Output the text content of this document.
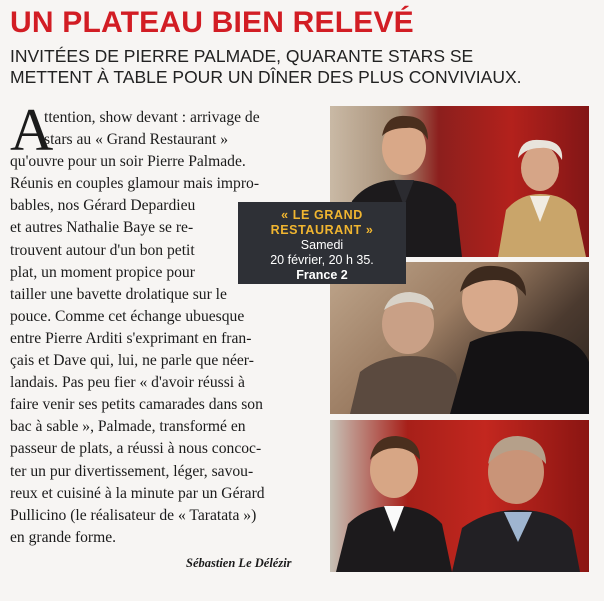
UN PLATEAU BIEN RELEVÉ
INVITÉES DE PIERRE PALMADE, QUARANTE STARS SE
METTENT À TABLE POUR UN DÎNER DES PLUS CONVIVIAUX.
A
ttention, show devant : arrivage de
stars au « Grand Restaurant »
qu'ouvre pour un soir Pierre Palmade.
Réunis en couples glamour mais impro-
bables, nos Gérard Depardieu
et autres Nathalie Baye se re-
trouvent autour d'un bon petit
plat, un moment propice pour
tailler une bavette drolatique sur le
pouce. Comme cet échange ubuesque
entre Pierre Arditi s'exprimant en fran-
çais et Dave qui, lui, ne parle que néer-
landais. Pas peu fier « d'avoir réussi à
faire venir ses petits camarades dans son
bac à sable », Palmade, transformé en
passeur de plats, a réussi à nous concoc-
ter un pur divertissement, léger, savou-
reux et cuisiné à la minute par un Gérard
Pullicino (le réalisateur de « Taratata »)
en grande forme.
Sébastien Le Délézir
« LE GRAND
RESTAURANT »
Samedi
20 février, 20 h 35.
France 2
